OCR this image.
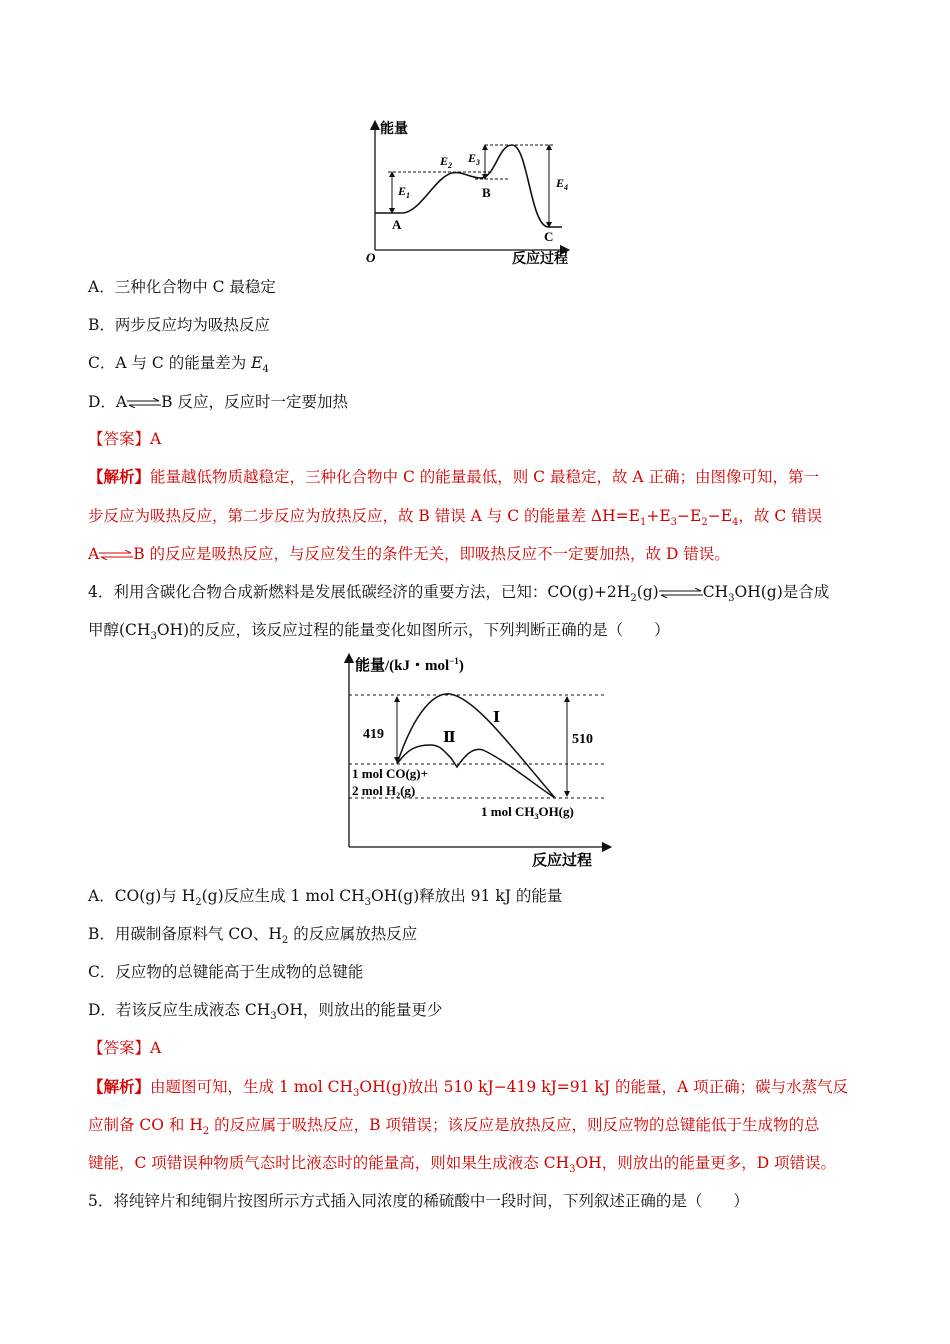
能量
O	反应过程
A
B
C
$E_1$
$E_2$
$E_3$
$E_4$
A．三种化合物中 C 最稳定
B．两步反应均为吸热反应
C．A 与 C 的能量差为 $E_4$
D．A⇌B 反应，反应时一定要加热
【答案】A
【解析】能量越低物质越稳定，三种化合物中 C 的能量最低，则 C 最稳定，故 A 正确；由图像可知，第一
步反应为吸热反应，第二步反应为放热反应，故 B 错误 A 与 C 的能量差 $\Delta H=E_1+E_3-E_2-E_4$，故 C 错误
A⇌B 的反应是吸热反应，与反应发生的条件无关，即吸热反应不一定要加热，故 D 错误。
4．利用含碳化合物合成新燃料是发展低碳经济的重要方法，已知：$CO(g)+2H_2(g)\rightleftharpoons CH_3OH(g)$是合成
甲醇$(CH_3OH)$的反应，该反应过程的能量变化如图所示，下列判断正确的是（　　）
能量/(kJ・mol$^{-1}$)
反应过程
419	510
Ⅰ
Ⅱ
1 mol CO(g)+
2 mol $H_2(g)$
1 mol $CH_3OH(g)$
A．CO(g)与 $H_2(g)$反应生成 1 mol $CH_3OH(g)$释放出 91 kJ 的能量
B．用碳制备原料气 CO、$H_2$ 的反应属放热反应
C．反应物的总键能高于生成物的总键能
D．若该反应生成液态 $CH_3OH$，则放出的能量更少
【答案】A
【解析】由题图可知，生成 1 mol $CH_3OH(g)$放出 510 kJ−419 kJ=91 kJ 的能量，A 项正确；碳与水蒸气反
应制备 CO 和 $H_2$ 的反应属于吸热反应，B 项错误；该反应是放热反应，则反应物的总键能低于生成物的总
键能，C 项错误种物质气态时比液态时的能量高，则如果生成液态 $CH_3OH$，则放出的能量更多，D 项错误。
5．将纯锌片和纯铜片按图所示方式插入同浓度的稀硫酸中一段时间，下列叙述正确的是（　　）
